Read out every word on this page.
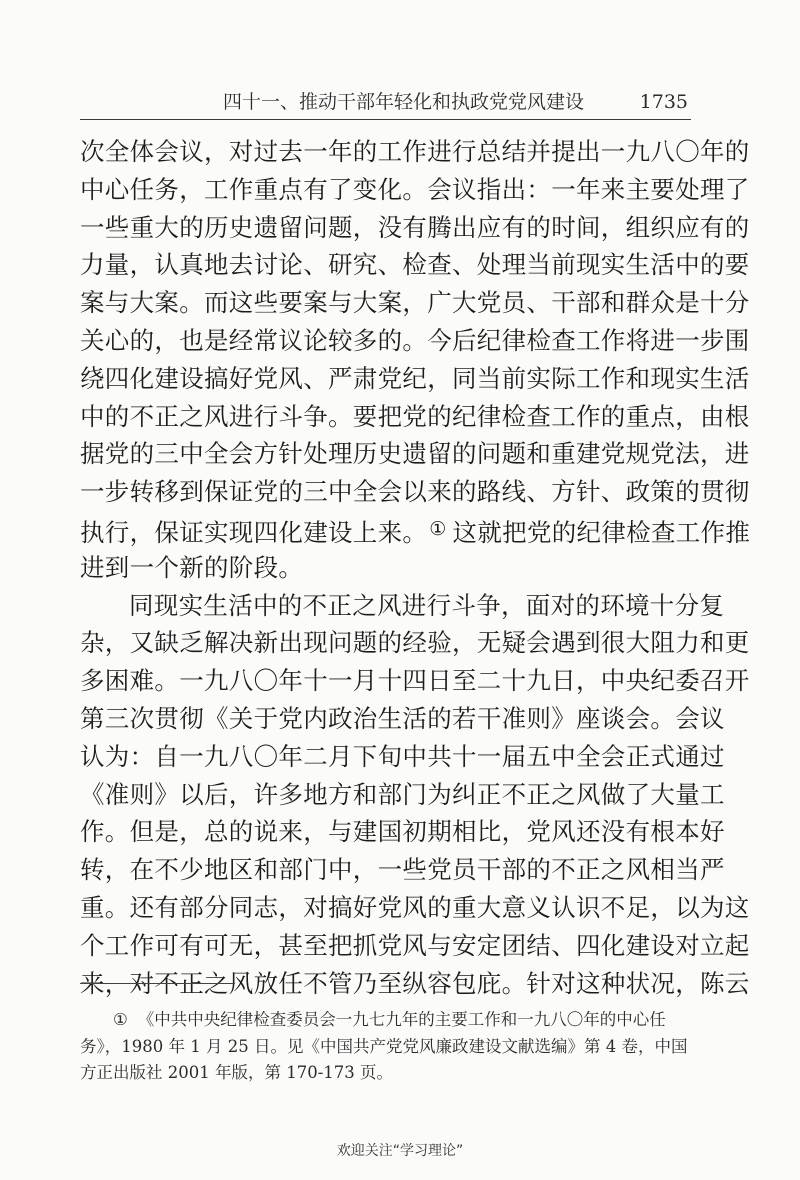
四十一、推动干部年轻化和执政党党风建设	1735
次全体会议，对过去一年的工作进行总结并提出一九八〇年的
中心任务，工作重点有了变化。会议指出：一年来主要处理了
一些重大的历史遗留问题，没有腾出应有的时间，组织应有的
力量，认真地去讨论、研究、检查、处理当前现实生活中的要
案与大案。而这些要案与大案，广大党员、干部和群众是十分
关心的，也是经常议论较多的。今后纪律检查工作将进一步围
绕四化建设搞好党风、严肃党纪，同当前实际工作和现实生活
中的不正之风进行斗争。要把党的纪律检查工作的重点，由根
据党的三中全会方针处理历史遗留的问题和重建党规党法，进
一步转移到保证党的三中全会以来的路线、方针、政策的贯彻
执行，保证实现四化建设上来。 ① 这就把党的纪律检查工作推
进到一个新的阶段。
同现实生活中的不正之风进行斗争，面对的环境十分复
杂，又缺乏解决新出现问题的经验，无疑会遇到很大阻力和更
多困难。一九八〇年十一月十四日至二十九日，中央纪委召开
第三次贯彻《关于党内政治生活的若干准则》座谈会。会议
认为：自一九八〇年二月下旬中共十一届五中全会正式通过
《准则》以后，许多地方和部门为纠正不正之风做了大量工
作。但是，总的说来，与建国初期相比，党风还没有根本好
转，在不少地区和部门中，一些党员干部的不正之风相当严
重。还有部分同志，对搞好党风的重大意义认识不足，以为这
个工作可有可无，甚至把抓党风与安定团结、四化建设对立起
来，对不正之风放任不管乃至纵容包庇。针对这种状况，陈云
① 《中共中央纪律检查委员会一九七九年的主要工作和一九八〇年的中心任
务》，1980 年 1 月 25 日。见《中国共产党党风廉政建设文献选编》第 4 卷，中国
方正出版社 2001 年版，第 170-173 页。
欢迎关注“学习理论”
